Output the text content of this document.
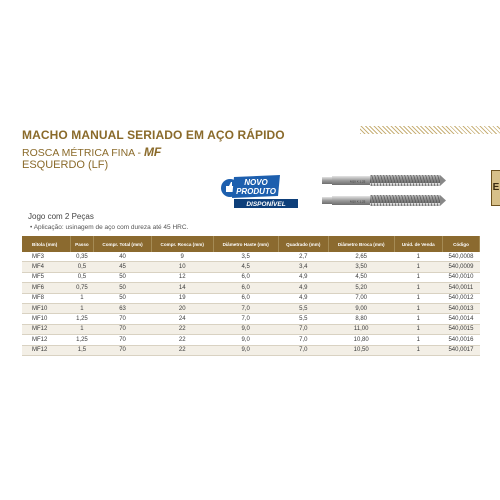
MACHO MANUAL SERIADO EM AÇO RÁPIDO
ROSCA MÉTRICA FINA - MF
ESQUERDO (LF)
E
NOVO
PRODUTO
DISPONÍVEL
M10 X 1.25
M10 X 1.25
Jogo com 2 Peças
• Aplicação: usinagem de aço com dureza até 45 HRC.
Bitola (mm)	Passo	Compr. Total (mm)	Compr. Rosca (mm)	Diâmetro Haste (mm)	Quadrado (mm)	Diâmetro Broca (mm)	Unid. de Venda	Código
MF3	0,35	40	9	3,5	2,7	2,65	1	540,0008
MF4	0,5	45	10	4,5	3,4	3,50	1	540,0009
MF5	0,5	50	12	6,0	4,9	4,50	1	540,0010
MF6	0,75	50	14	6,0	4,9	5,20	1	540,0011
MF8	1	50	19	6,0	4,9	7,00	1	540,0012
MF10	1	63	20	7,0	5,5	9,00	1	540,0013
MF10	1,25	70	24	7,0	5,5	8,80	1	540,0014
MF12	1	70	22	9,0	7,0	11,00	1	540,0015
MF12	1,25	70	22	9,0	7,0	10,80	1	540,0016
MF12	1,5	70	22	9,0	7,0	10,50	1	540,0017
